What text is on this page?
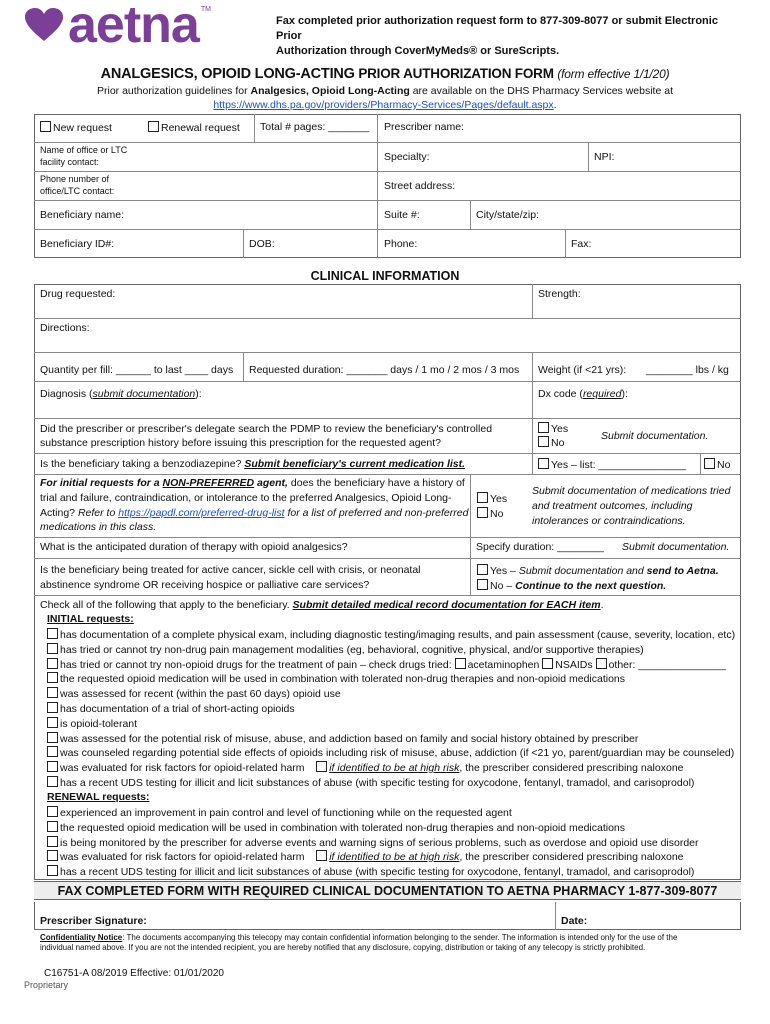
aetna TM
Fax completed prior authorization request form to 877-309-8077 or submit Electronic Prior
Authorization through CoverMyMeds® or SureScripts.
ANALGESICS, OPIOID LONG-ACTING PRIOR AUTHORIZATION FORM (form effective 1/1/20)
Prior authorization guidelines for Analgesics, Opioid Long-Acting are available on the DHS Pharmacy Services website at
https://www.dhs.pa.gov/providers/Pharmacy-Services/Pages/default.aspx.
New request	Renewal request Total # pages: _______ Prescriber name:
Name of office or LTC
facility contact:	Specialty:	NPI:
Phone number of
office/LTC contact:	Street address:
Beneficiary name:	Suite #:	City/state/zip:
Beneficiary ID#:	DOB:	Phone:	Fax:
CLINICAL INFORMATION
Drug requested:	Strength:
Directions:
Quantity per fill: ______ to last ____ days Requested duration: _______ days / 1 mo / 2 mos / 3 mos Weight (if <21 yrs): ________ lbs / kg
Diagnosis (submit documentation):	Dx code (required):
Did the prescriber or prescriber's delegate search the PDMP to review the beneficiary's controlled
substance prescription history before issuing this prescription for the requested agent?
Yes
No
Submit documentation.
Is the beneficiary taking a benzodiazepine? Submit beneficiary's current medication list.	Yes – list: _______________	No
For initial requests for a NON-PREFERRED agent, does the beneficiary have a history of
trial and failure, contraindication, or intolerance to the preferred Analgesics, Opioid Long-
Acting? Refer to https://papdl.com/preferred-drug-list for a list of preferred and non-preferred
medications in this class.
Yes
No
Submit documentation of medications tried
and treatment outcomes, including
intolerances or contraindications.
What is the anticipated duration of therapy with opioid analgesics?	Specify duration: ________ Submit documentation.
Is the beneficiary being treated for active cancer, sickle cell with crisis, or neonatal
abstinence syndrome OR receiving hospice or palliative care services?
Yes – Submit documentation and send to Aetna.
No – Continue to the next question.
Check all of the following that apply to the beneficiary. Submit detailed medical record documentation for EACH item.
INITIAL requests:
has documentation of a complete physical exam, including diagnostic testing/imaging results, and pain assessment (cause, severity, location, etc)
has tried or cannot try non-drug pain management modalities (eg, behavioral, cognitive, physical, and/or supportive therapies)
has tried or cannot try non-opioid drugs for the treatment of pain – check drugs tried: acetaminophen NSAIDs other: _______________
the requested opioid medication will be used in combination with tolerated non-drug therapies and non-opioid medications
was assessed for recent (within the past 60 days) opioid use
has documentation of a trial of short-acting opioids
is opioid-tolerant
was assessed for the potential risk of misuse, abuse, and addiction based on family and social history obtained by prescriber
was counseled regarding potential side effects of opioids including risk of misuse, abuse, addiction (if <21 yo, parent/guardian may be counseled)
was evaluated for risk factors for opioid-related harm if identified to be at high risk, the prescriber considered prescribing naloxone
has a recent UDS testing for illicit and licit substances of abuse (with specific testing for oxycodone, fentanyl, tramadol, and carisoprodol)
RENEWAL requests:
experienced an improvement in pain control and level of functioning while on the requested agent
the requested opioid medication will be used in combination with tolerated non-drug therapies and non-opioid medications
is being monitored by the prescriber for adverse events and warning signs of serious problems, such as overdose and opioid use disorder
was evaluated for risk factors for opioid-related harm if identified to be at high risk, the prescriber considered prescribing naloxone
has a recent UDS testing for illicit and licit substances of abuse (with specific testing for oxycodone, fentanyl, tramadol, and carisoprodol)
FAX COMPLETED FORM WITH REQUIRED CLINICAL DOCUMENTATION TO AETNA PHARMACY 1-877-309-8077
Prescriber Signature:	Date:
Confidentiality Notice: The documents accompanying this telecopy may contain confidential information belonging to the sender. The information is intended only for the use of the
individual named above. If you are not the intended recipient, you are hereby notified that any disclosure, copying, distribution or taking of any telecopy is strictly prohibited.
C16751-A 08/2019 Effective: 01/01/2020
Proprietary
